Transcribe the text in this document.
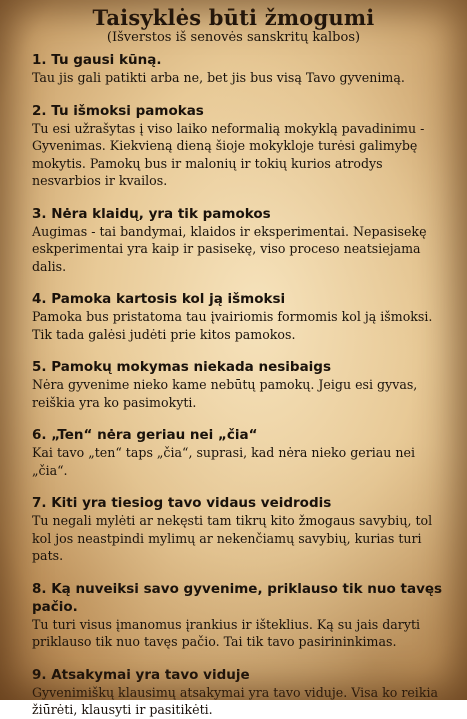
Taisyklės būti žmogumi

(Išverstos iš senovės sanskritų kalbos)

1. Tu gausi kūną.

Tau jis gali patikti arba ne, bet jis bus visą Tavo gyvenimą.

2. Tu išmoksi pamokas

Tu esi užrašytas į viso laiko neformalią mokyklą pavadinimu - Gyvenimas. Kiekvieną dieną šioje mokykloje turėsi galimybę mokytis. Pamokų bus ir malonių ir tokių kurios atrodys nesvarbios ir kvailos.

3. Nėra klaidų, yra tik pamokos

Augimas - tai bandymai, klaidos ir eksperimentai. Nepasisekę eskperimentai yra kaip ir pasisekę, viso proceso neatsiejama dalis.

4. Pamoka kartosis kol ją išmoksi

Pamoka bus pristatoma tau įvairiomis formomis kol ją išmoksi. Tik tada galėsi judėti prie kitos pamokos.

5. Pamokų mokymas niekada nesibaigs

Nėra gyvenime nieko kame nebūtų pamokų. Jeigu esi gyvas, reiškia yra ko pasimokyti.

6. „Ten“ nėra geriau nei „čia“

Kai tavo „ten“ taps „čia“, suprasi, kad nėra nieko geriau nei „čia“.

7. Kiti yra tiesiog tavo vidaus veidrodis

Tu negali mylėti ar nekęsti tam tikrų kito žmogaus savybių, tol kol jos neastpindi mylimų ar nekenčiamų savybių, kurias turi pats.

8. Ką nuveiksi savo gyvenime, priklauso tik nuo tavęs pačio.

Tu turi visus įmanomus įrankius ir išteklius. Ką su jais daryti priklauso tik nuo tavęs pačio. Tai tik tavo pasirininkimas.

9. Atsakymai yra tavo viduje

Gyvenimiškų klausimų atsakymai yra tavo viduje. Visa ko reikia žiūrėti, klausyti ir pasitikėti.
